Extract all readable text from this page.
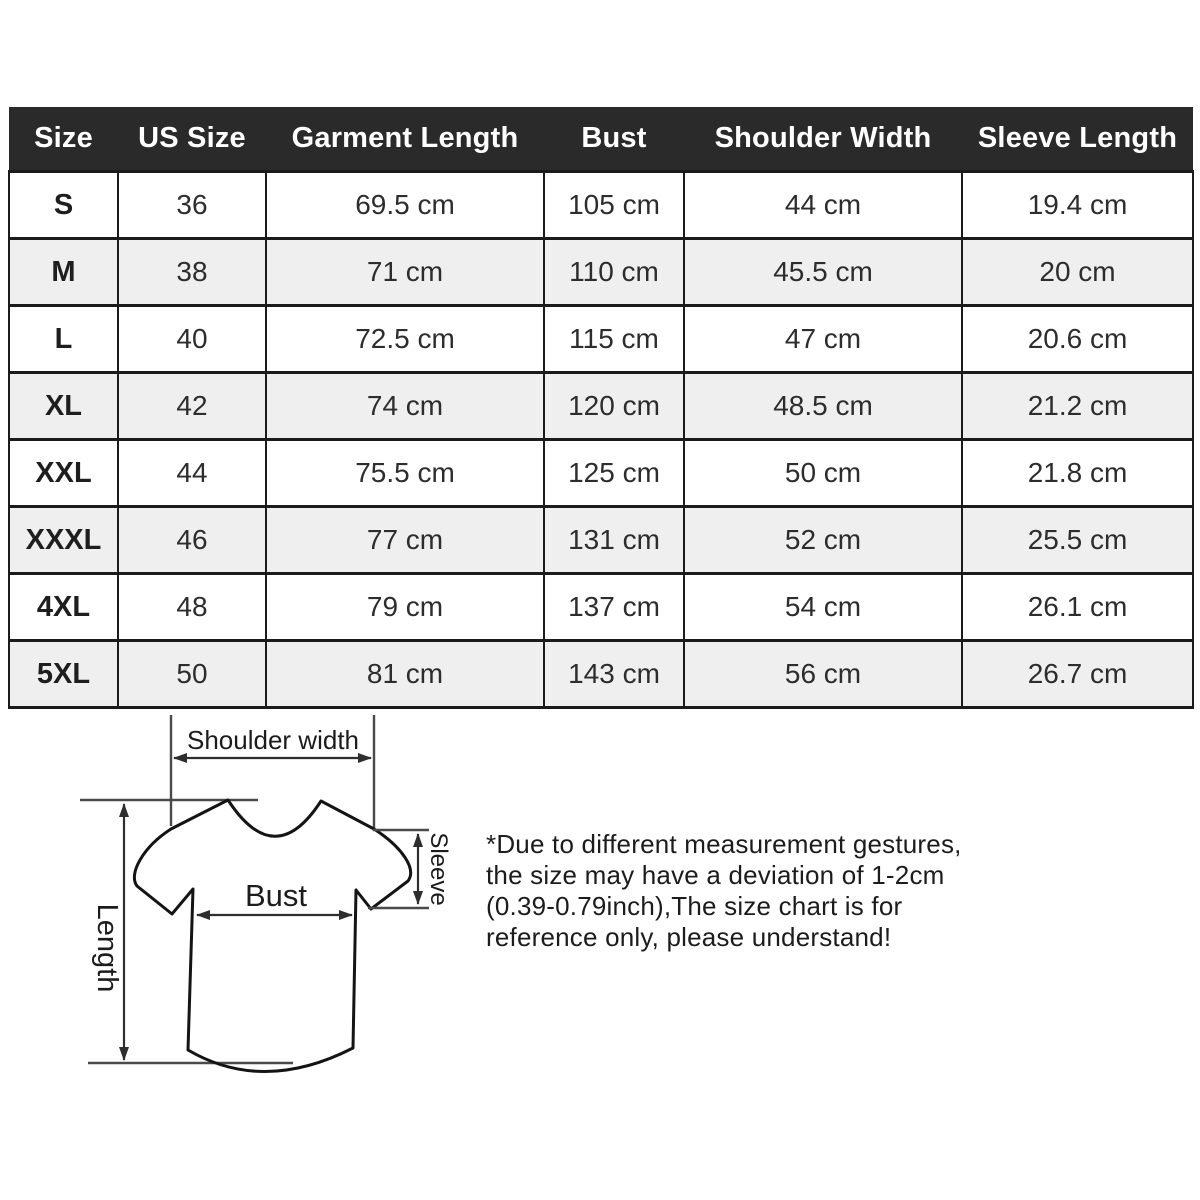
Size	US Size	Garment Length	Bust	Shoulder Width	Sleeve Length
S	36	69.5 cm	105 cm	44 cm	19.4 cm
M	38	71 cm	110 cm	45.5 cm	20 cm
L	40	72.5 cm	115 cm	47 cm	20.6 cm
XL	42	74 cm	120 cm	48.5 cm	21.2 cm
XXL	44	75.5 cm	125 cm	50 cm	21.8 cm
XXXL	46	77 cm	131 cm	52 cm	25.5 cm
4XL	48	79 cm	137 cm	54 cm	26.1 cm
5XL	50	81 cm	143 cm	56 cm	26.7 cm
Shoulder width
Length
Bust	Sleeve *Due to different measurement gestures,
the size may have a deviation of 1-2cm
(0.39-0.79inch),The size chart is for
reference only, please understand!
